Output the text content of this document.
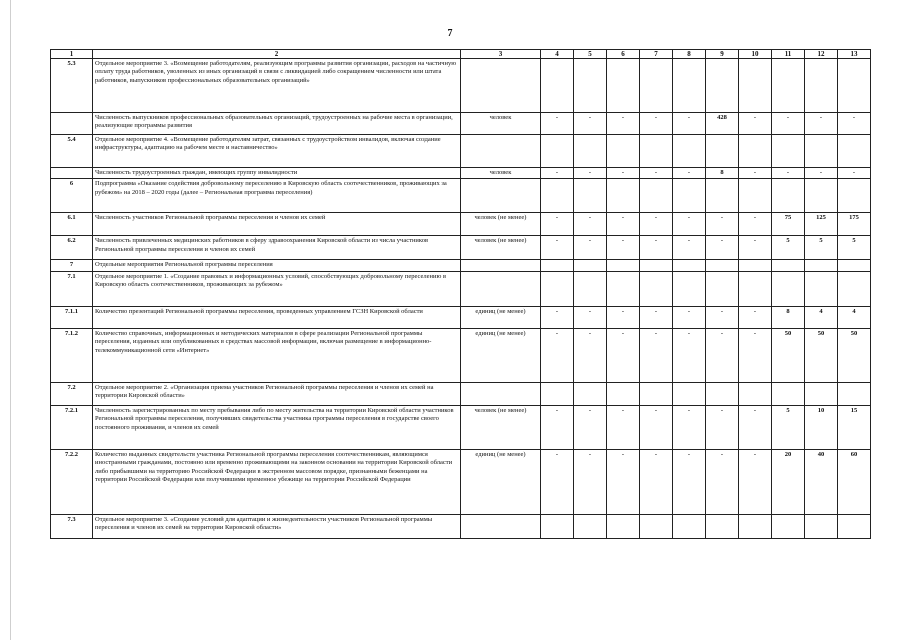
7
1	2	3	4	5	6	7	8	9	10	11	12	13
5.3	Отдельное мероприятие 3. «Возмещение работодателям, реализующим программы развития организации, расходов на частичную оплату труда работников, уволенных из иных организаций в связи с ликвидацией либо сокращением численности или штата работников, выпускников профессиональных образовательных организаций»											
	Численность выпускников профессиональных образовательных организаций, трудоустроенных на рабочие места в организации, реализующие программы развития	человек	-	-	-	-	-	428	-	-	-	-
5.4	Отдельное мероприятие 4. «Возмещение работодателям затрат, связанных с трудоустройством инвалидов, включая создание инфраструктуры, адаптацию на рабочем месте и наставничество»											
	Численность трудоустроенных граждан, имеющих группу инвалидности	человек	-	-	-	-	-	8	-	-	-	-
6	Подпрограмма «Оказание содействия добровольному переселению в Кировскую область соотечественников, проживающих за рубежом» на 2018 – 2020 годы (далее – Региональная программа переселения)											
6.1	Численность участников Региональной программы переселения и членов их семей	человек (не менее)	-	-	-	-	-	-	-	75	125	175
6.2	Численность привлеченных медицинских работников в сферу здравоохранения Кировской области из числа участников Региональной программы переселения и членов их семей	человек (не менее)	-	-	-	-	-	-	-	5	5	5
7	Отдельные мероприятия Региональной программы переселения											
7.1	Отдельное мероприятие 1. «Создание правовых и информационных условий, способствующих добровольному переселению в Кировскую область соотечественников, проживающих за рубежом»											
7.1.1	Количество презентаций Региональной программы переселения, проведенных управлением ГСЗН Кировской области	единиц (не менее)	-	-	-	-	-	-	-	8	4	4
7.1.2	Количество справочных, информационных и методических материалов в сфере реализации Региональной программы переселения, изданных или опубликованных в средствах массовой информации, включая размещение в информационно-телекоммуникационной сети «Интернет»	единиц (не менее)	-	-	-	-	-	-	-	50	50	50
7.2	Отдельное мероприятие 2. «Организация приема участников Региональной программы переселения и членов их семей на территории Кировской области»											
7.2.1	Численность зарегистрированных по месту пребывания либо по месту жительства на территории Кировской области участников Региональной программы переселения, получивших свидетельства участника программы переселения в государстве своего постоянного проживания, и членов их семей	человек (не менее)	-	-	-	-	-	-	-	5	10	15
7.2.2	Количество выданных свидетельств участника Региональной программы переселения соотечественникам, являющимся иностранными гражданами, постоянно или временно проживающими на законном основании на территории Кировской области либо прибывшими на территорию Российской Федерации в экстренном массовом порядке, признанными беженцами на территории Российской Федерации или получившими временное убежище на территории Российской Федерации	единиц (не менее)	-	-	-	-	-	-	-	20	40	60
7.3	Отдельное мероприятие 3. «Создание условий для адаптации и жизнедеятельности участников Региональной программы переселения и членов их семей на территории Кировской области»											
